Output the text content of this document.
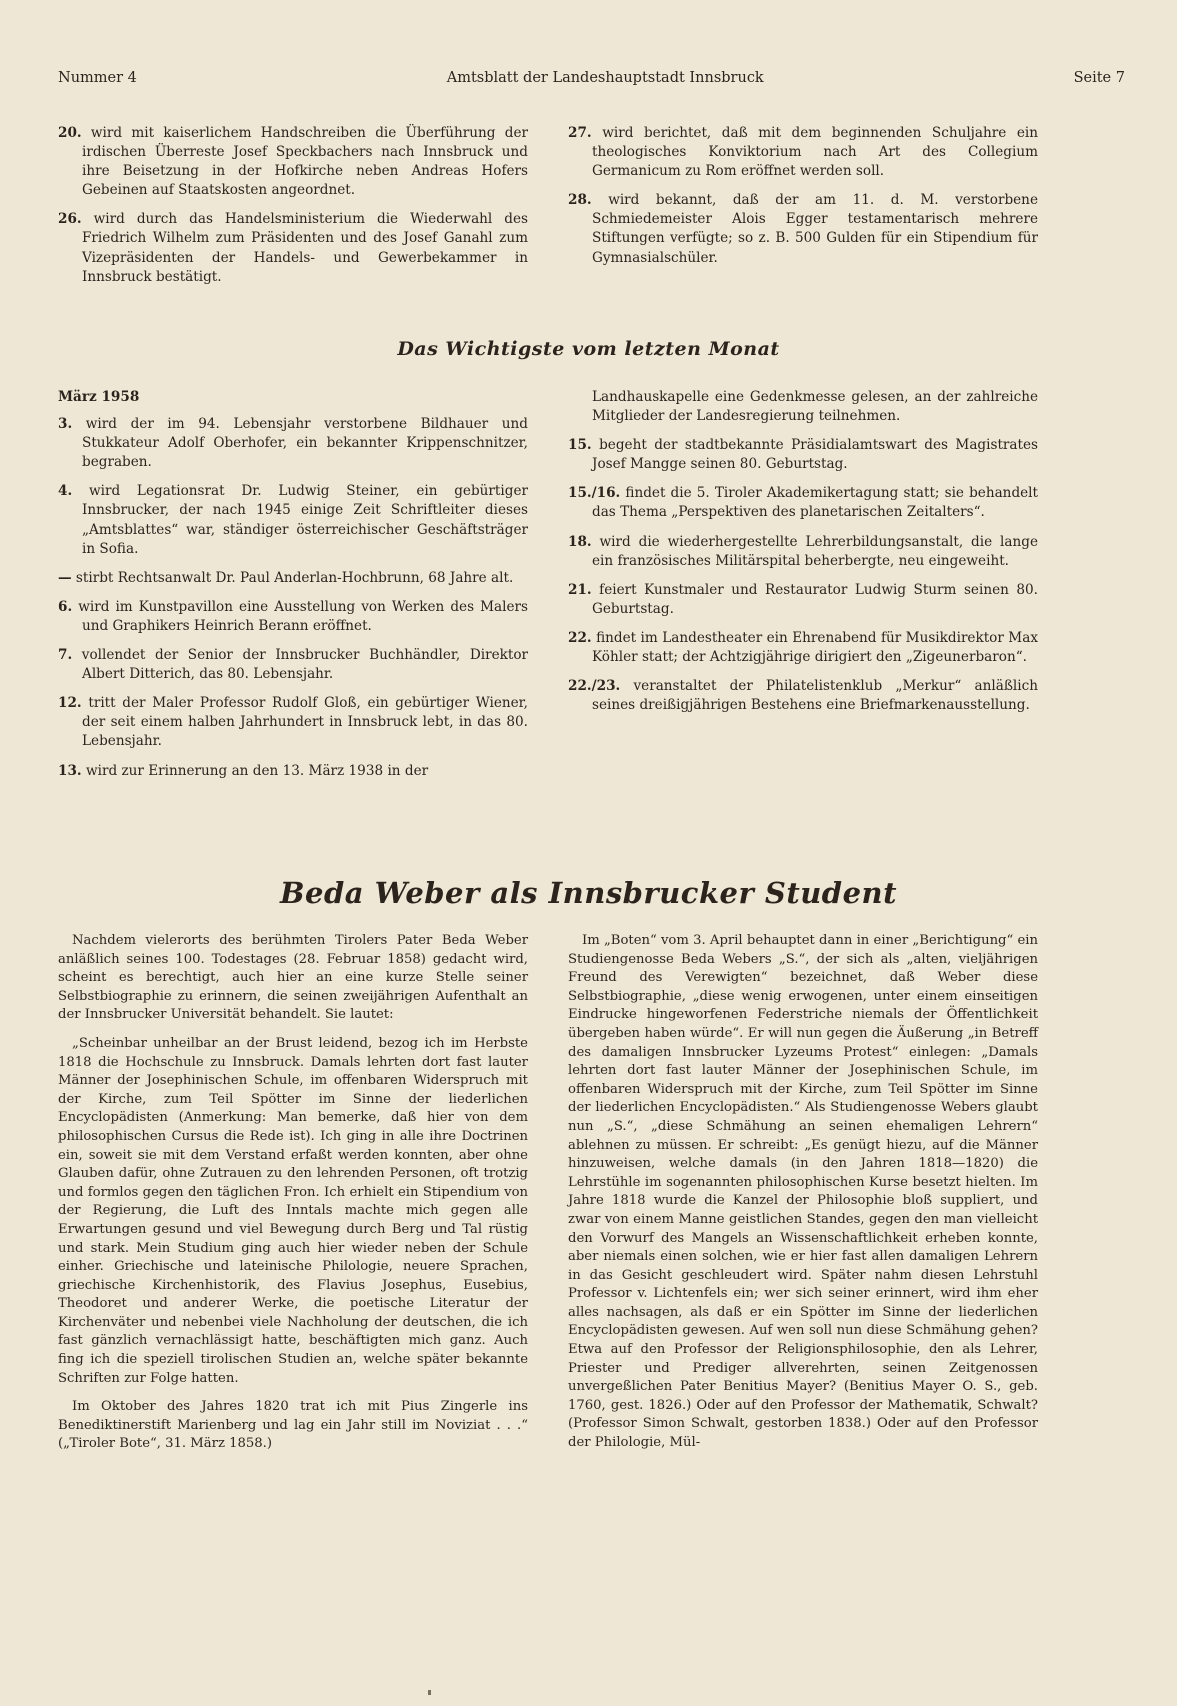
Nummer 4	Amtsblatt der Landeshauptstadt Innsbruck	Seite 7

20. wird mit kaiserlichem Handschreiben die Überführung der irdischen Überreste Josef Speckbachers nach Innsbruck und ihre Beisetzung in der Hofkirche neben Andreas Hofers Gebeinen auf Staatskosten angeordnet.

26. wird durch das Handelsministerium die Wiederwahl des Friedrich Wilhelm zum Präsidenten und des Josef Ganahl zum Vizepräsidenten der Handels- und Gewerbekammer in Innsbruck bestätigt.

27. wird berichtet, daß mit dem beginnenden Schuljahre ein theologisches Konviktorium nach Art des Collegium Germanicum zu Rom eröffnet werden soll.

28. wird bekannt, daß der am 11. d. M. verstorbene Schmiedemeister Alois Egger testamentarisch mehrere Stiftungen verfügte; so z. B. 500 Gulden für ein Stipendium für Gymnasialschüler.

Das Wichtigste vom letzten Monat

März 1958

3. wird der im 94. Lebensjahr verstorbene Bildhauer und Stukkateur Adolf Oberhofer, ein bekannter Krippenschnitzer, begraben.

4. wird Legationsrat Dr. Ludwig Steiner, ein gebürtiger Innsbrucker, der nach 1945 einige Zeit Schriftleiter dieses „Amtsblattes“ war, ständiger österreichischer Geschäftsträger in Sofia.

— stirbt Rechtsanwalt Dr. Paul Anderlan-Hochbrunn, 68 Jahre alt.

6. wird im Kunstpavillon eine Ausstellung von Werken des Malers und Graphikers Heinrich Berann eröffnet.

7. vollendet der Senior der Innsbrucker Buchhändler, Direktor Albert Ditterich, das 80. Lebensjahr.

12. tritt der Maler Professor Rudolf Gloß, ein gebürtiger Wiener, der seit einem halben Jahrhundert in Innsbruck lebt, in das 80. Lebensjahr.

13. wird zur Erinnerung an den 13. März 1938 in der

Landhauskapelle eine Gedenkmesse gelesen, an der zahlreiche Mitglieder der Landesregierung teilnehmen.

15. begeht der stadtbekannte Präsidialamtswart des Magistrates Josef Mangge seinen 80. Geburtstag.

15./16. findet die 5. Tiroler Akademikertagung statt; sie behandelt das Thema „Perspektiven des planetarischen Zeitalters“.

18. wird die wiederhergestellte Lehrerbildungsanstalt, die lange ein französisches Militärspital beherbergte, neu eingeweiht.

21. feiert Kunstmaler und Restaurator Ludwig Sturm seinen 80. Geburtstag.

22. findet im Landestheater ein Ehrenabend für Musikdirektor Max Köhler statt; der Achtzigjährige dirigiert den „Zigeunerbaron“.

22./23. veranstaltet der Philatelistenklub „Merkur“ anläßlich seines dreißigjährigen Bestehens eine Briefmarkenausstellung.

Beda Weber als Innsbrucker Student

Nachdem vielerorts des berühmten Tirolers Pater Beda Weber anläßlich seines 100. Todestages (28. Februar 1858) gedacht wird, scheint es berechtigt, auch hier an eine kurze Stelle seiner Selbstbiographie zu erinnern, die seinen zweijährigen Aufenthalt an der Innsbrucker Universität behandelt. Sie lautet:

„Scheinbar unheilbar an der Brust leidend, bezog ich im Herbste 1818 die Hochschule zu Innsbruck. Damals lehrten dort fast lauter Männer der Josephinischen Schule, im offenbaren Widerspruch mit der Kirche, zum Teil Spötter im Sinne der liederlichen Encyclopädisten (Anmerkung: Man bemerke, daß hier von dem philosophischen Cursus die Rede ist). Ich ging in alle ihre Doctrinen ein, soweit sie mit dem Verstand erfaßt werden konnten, aber ohne Glauben dafür, ohne Zutrauen zu den lehrenden Personen, oft trotzig und formlos gegen den täglichen Fron. Ich erhielt ein Stipendium von der Regierung, die Luft des Inntals machte mich gegen alle Erwartungen gesund und viel Bewegung durch Berg und Tal rüstig und stark. Mein Studium ging auch hier wieder neben der Schule einher. Griechische und lateinische Philologie, neuere Sprachen, griechische Kirchenhistorik, des Flavius Josephus, Eusebius, Theodoret und anderer Werke, die poetische Literatur der Kirchenväter und nebenbei viele Nachholung der deutschen, die ich fast gänzlich vernachlässigt hatte, beschäftigten mich ganz. Auch fing ich die speziell tirolischen Studien an, welche später bekannte Schriften zur Folge hatten.

Im Oktober des Jahres 1820 trat ich mit Pius Zingerle ins Benediktinerstift Marienberg und lag ein Jahr still im Noviziat . . .“ („Tiroler Bote“, 31. März 1858.)

Im „Boten“ vom 3. April behauptet dann in einer „Berichtigung“ ein Studiengenosse Beda Webers „S.“, der sich als „alten, vieljährigen Freund des Verewigten“ bezeichnet, daß Weber diese Selbstbiographie, „diese wenig erwogenen, unter einem einseitigen Eindrucke hingeworfenen Federstriche niemals der Öffentlichkeit übergeben haben würde“. Er will nun gegen die Äußerung „in Betreff des damaligen Innsbrucker Lyzeums Protest“ einlegen: „Damals lehrten dort fast lauter Männer der Josephinischen Schule, im offenbaren Widerspruch mit der Kirche, zum Teil Spötter im Sinne der liederlichen Encyclopädisten.“ Als Studiengenosse Webers glaubt nun „S.“, „diese Schmähung an seinen ehemaligen Lehrern“ ablehnen zu müssen. Er schreibt: „Es genügt hiezu, auf die Männer hinzuweisen, welche damals (in den Jahren 1818—1820) die Lehrstühle im sogenannten philosophischen Kurse besetzt hielten. Im Jahre 1818 wurde die Kanzel der Philosophie bloß suppliert, und zwar von einem Manne geistlichen Standes, gegen den man vielleicht den Vorwurf des Mangels an Wissenschaftlichkeit erheben konnte, aber niemals einen solchen, wie er hier fast allen damaligen Lehrern in das Gesicht geschleudert wird. Später nahm diesen Lehrstuhl Professor v. Lichtenfels ein; wer sich seiner erinnert, wird ihm eher alles nachsagen, als daß er ein Spötter im Sinne der liederlichen Encyclopädisten gewesen. Auf wen soll nun diese Schmähung gehen? Etwa auf den Professor der Religionsphilosophie, den als Lehrer, Priester und Prediger allverehrten, seinen Zeitgenossen unvergeßlichen Pater Benitius Mayer? (Benitius Mayer O. S., geb. 1760, gest. 1826.) Oder auf den Professor der Mathematik, Schwalt? (Professor Simon Schwalt, gestorben 1838.) Oder auf den Professor der Philologie, Mül-
